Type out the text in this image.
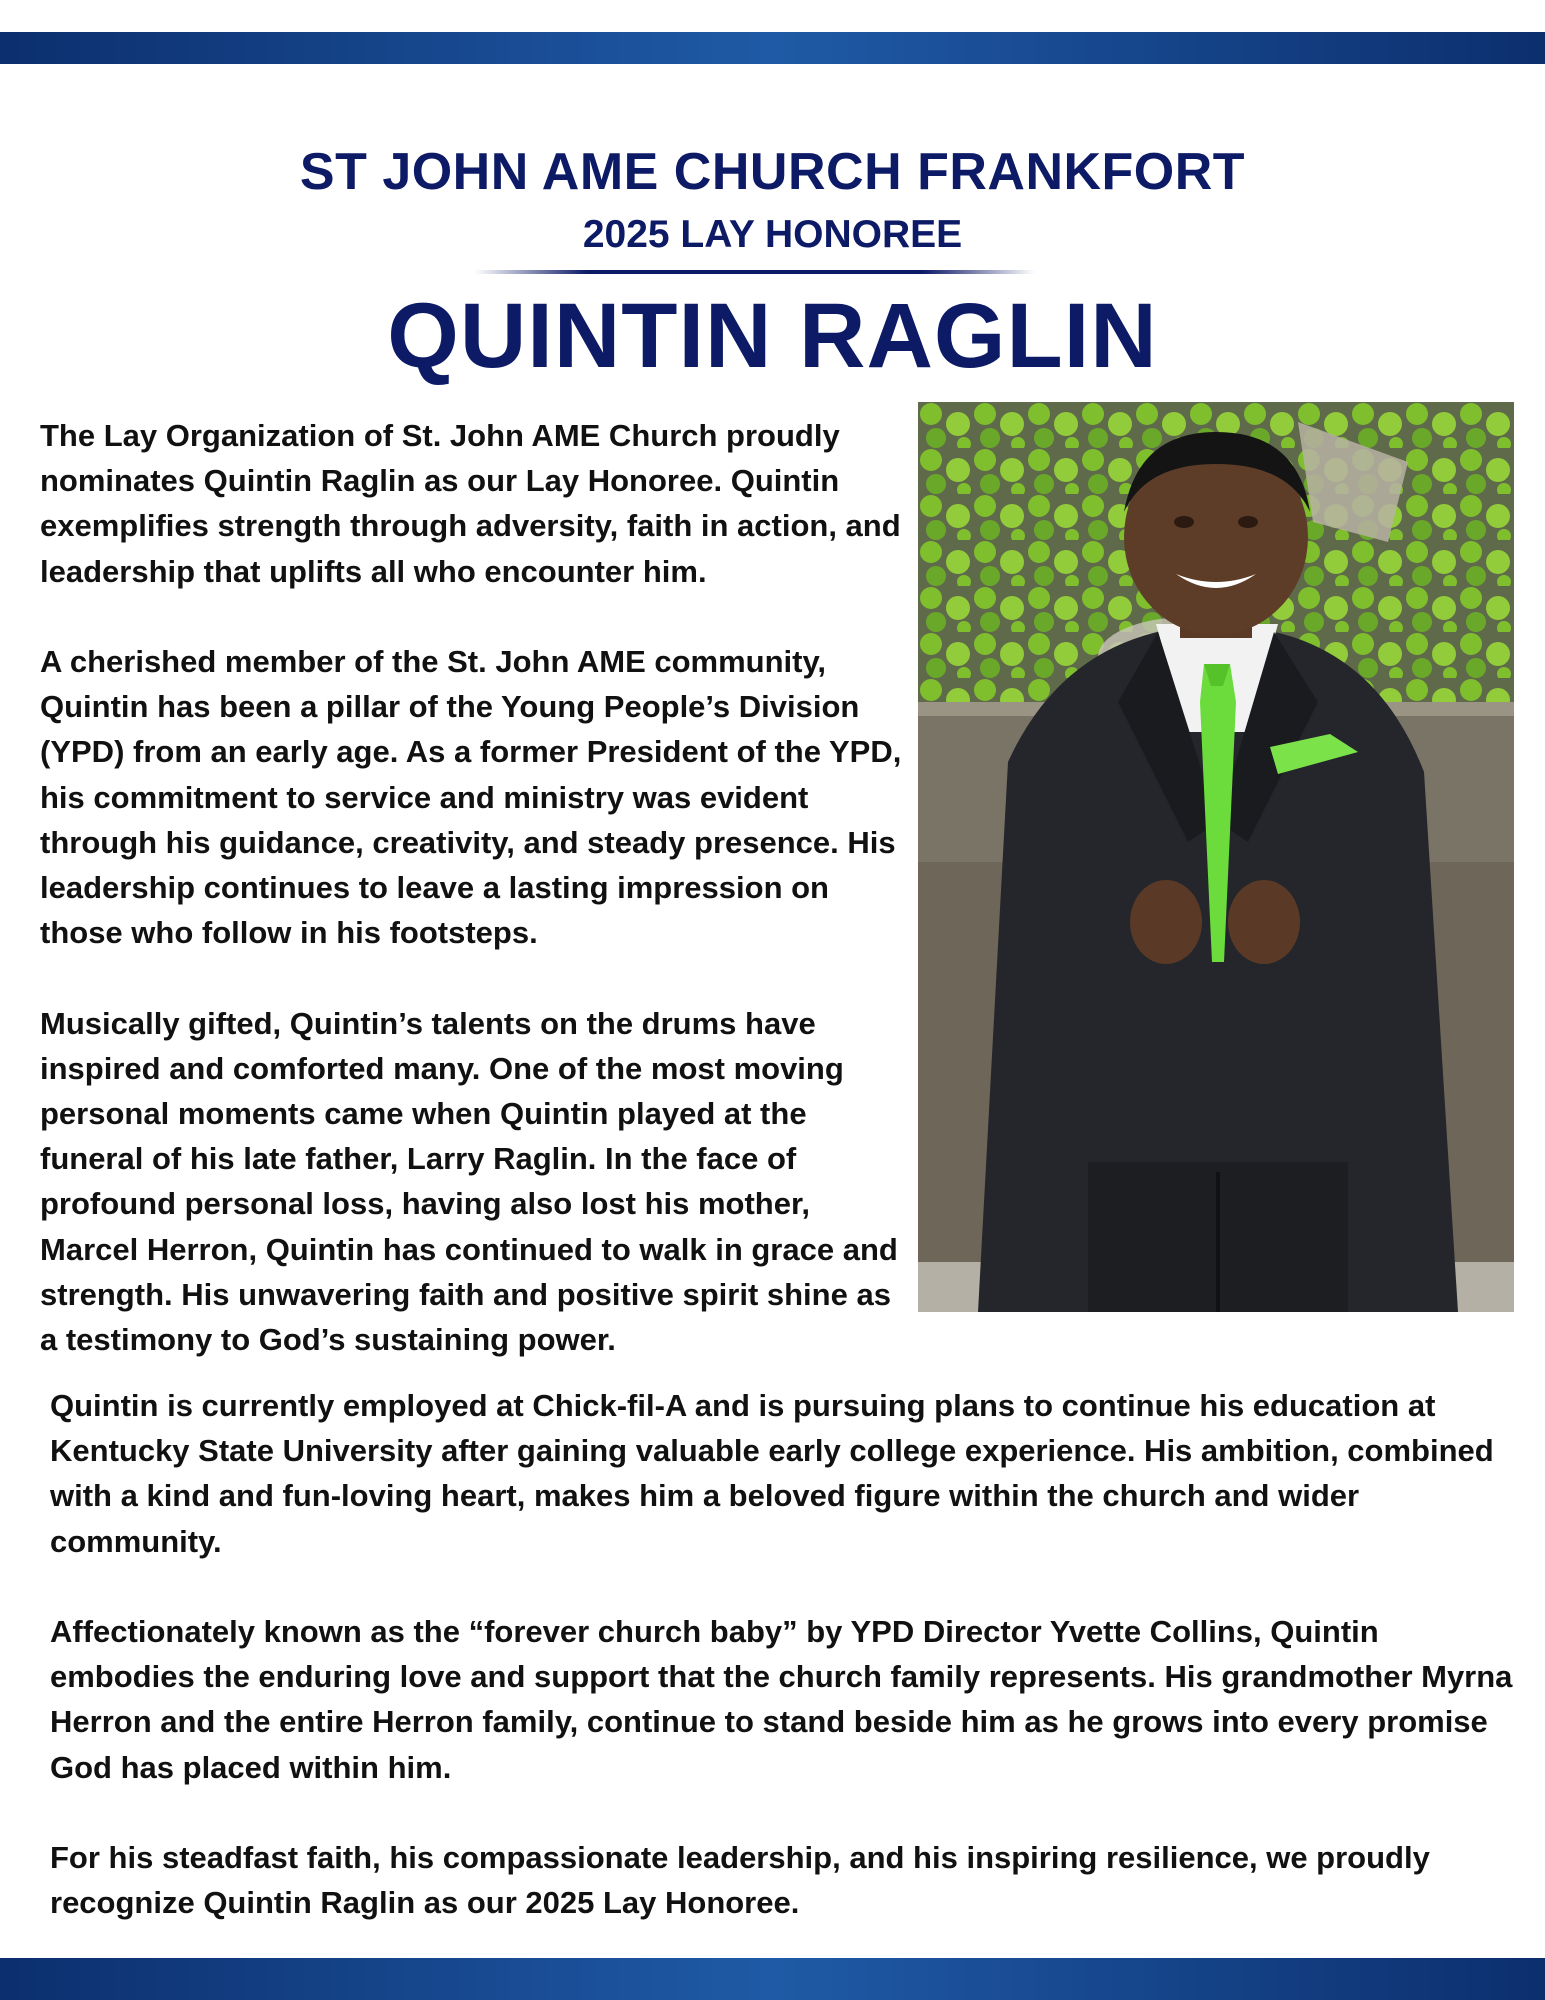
ST JOHN AME CHURCH FRANKFORT
2025 LAY HONOREE
QUINTIN RAGLIN

The Lay Organization of St. John AME Church proudly nominates Quintin Raglin as our Lay Honoree. Quintin exemplifies strength through adversity, faith in action, and leadership that uplifts all who encounter him.

A cherished member of the St. John AME community, Quintin has been a pillar of the Young People’s Division (YPD) from an early age. As a former President of the YPD, his commitment to service and ministry was evident through his guidance, creativity, and steady presence. His leadership continues to leave a lasting impression on those who follow in his footsteps.

Musically gifted, Quintin’s talents on the drums have inspired and comforted many. One of the most moving personal moments came when Quintin played at the funeral of his late father, Larry Raglin. In the face of profound personal loss, having also lost his mother, Marcel Herron, Quintin has continued to walk in grace and strength. His unwavering faith and positive spirit shine as a testimony to God’s sustaining power.

Quintin is currently employed at Chick-fil-A and is pursuing plans to continue his education at Kentucky State University after gaining valuable early college experience. His ambition, combined with a kind and fun-loving heart, makes him a beloved figure within the church and wider community.

Affectionately known as the “forever church baby” by YPD Director Yvette Collins, Quintin embodies the enduring love and support that the church family represents. His grandmother Myrna Herron and the entire Herron family, continue to stand beside him as he grows into every promise God has placed within him.

For his steadfast faith, his compassionate leadership, and his inspiring resilience, we proudly recognize Quintin Raglin as our 2025 Lay Honoree.
